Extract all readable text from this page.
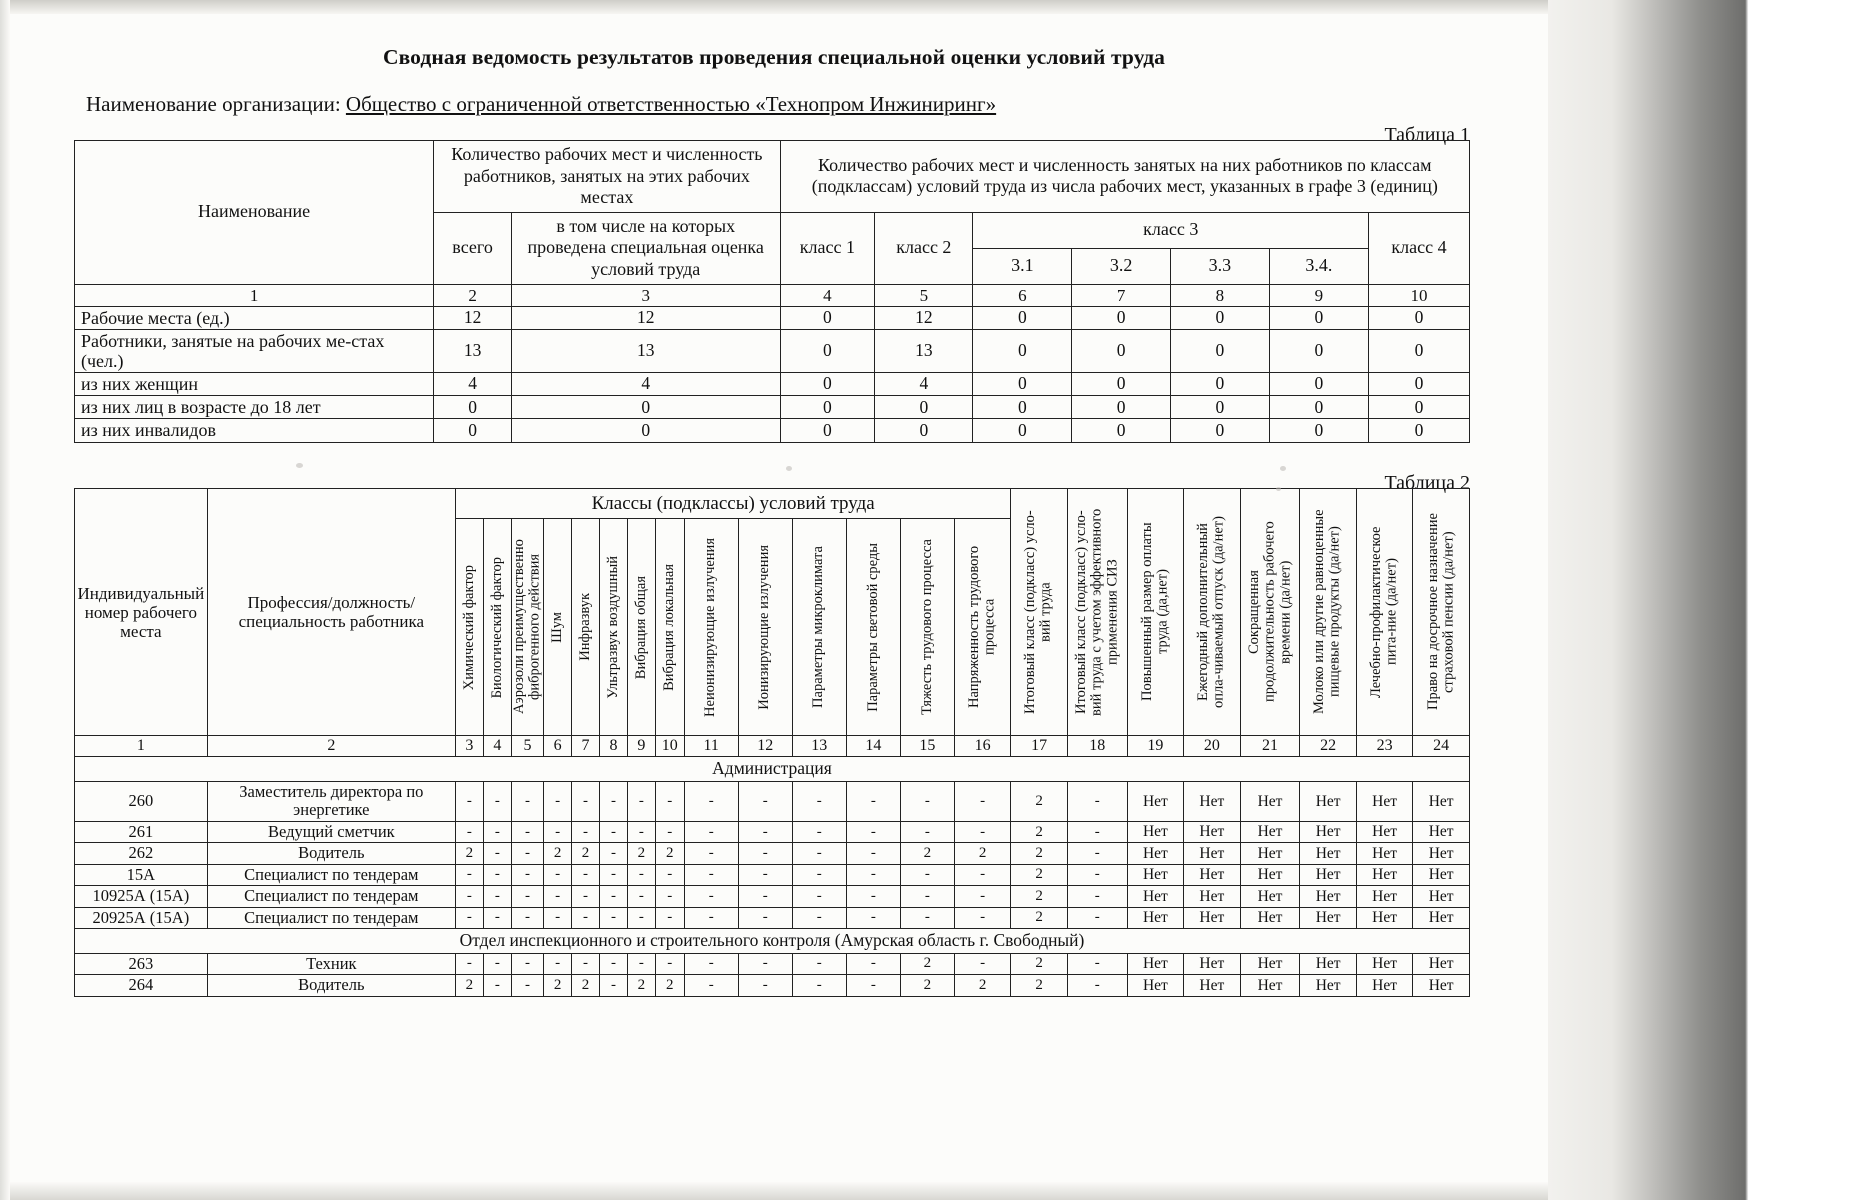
Сводная ведомость результатов проведения специальной оценки условий труда
Наименование организации: Общество с ограниченной ответственностью «Технопром Инжиниринг»
Таблица 1
Наименование	Количество рабочих мест и численность работников, занятых на этих рабочих местах		Количество рабочих мест и численность занятых на них работников по классам (подклассам) условий труда из числа рабочих мест, указанных в графе 3 (единиц)						
	всего	в том числе на которых проведена специальная оценка условий труда	класс 1	класс 2	класс 3				класс 4
					3.1	3.2	3.3	3.4.	
1	2	3	4	5	6	7	8	9	10
Рабочие места (ед.)	12	12	0	12	0	0	0	0	0
Работники, занятые на рабочих ме-стах (чел.)	13	13	0	13	0	0	0	0	0
из них женщин	4	4	0	4	0	0	0	0	0
из них лиц в возрасте до 18 лет	0	0	0	0	0	0	0	0	0
из них инвалидов	0	0	0	0	0	0	0	0	0
Таблица 2
Индивидуальный номер рабочего места	Профессия/должность/специальность работника	Классы (подклассы) условий труда														Итоговый класс (подкласс) усло-вий труда	Итоговый класс (подкласс) усло-вий труда с учетом эффективного применения СИЗ	Повышенный размер оплаты труда (да,нет)	Ежегодный дополнительный опла-чиваемый отпуск (да/нет)	Сокращенная продолжительность рабочего времени (да/нет)	Молоко или другие равноценные пищевые продукты (да/нет)	Лечебно-профилактическое пита-ние (да/нет)	Право на досрочное назначение страховой пенсии (да/нет)

		Химический фактор	Биологический фактор	Аэрозоли преимущественно фиброгенного действия	Шум	Инфразвук	Ультразвук воздушный	Вибрация общая	Вибрация локальная	Неионизирующие излучения	Ионизирующие излучения	Параметры микроклимата	Параметры световой среды	Тяжесть трудового процесса	Напряженность трудового процесса								

1	2	3	4	5	6	7	8	9	10	11	12	13	14	15	16	17	18	19	20	21	22	23	24
Администрация																							
260	Заместитель директора по энергетике	-	-	-	-	-	-	-	-	-	-	-	-	-	-	2	-	Нет	Нет	Нет	Нет	Нет	Нет
261	Ведущий сметчик	-	-	-	-	-	-	-	-	-	-	-	-	-	-	2	-	Нет	Нет	Нет	Нет	Нет	Нет
262	Водитель	2	-	-	2	2	-	2	2	-	-	-	-	2	2	2	-	Нет	Нет	Нет	Нет	Нет	Нет
15А	Специалист по тендерам	-	-	-	-	-	-	-	-	-	-	-	-	-	-	2	-	Нет	Нет	Нет	Нет	Нет	Нет
10925А (15А)	Специалист по тендерам	-	-	-	-	-	-	-	-	-	-	-	-	-	-	2	-	Нет	Нет	Нет	Нет	Нет	Нет
20925А (15А)	Специалист по тендерам	-	-	-	-	-	-	-	-	-	-	-	-	-	-	2	-	Нет	Нет	Нет	Нет	Нет	Нет
Отдел инспекционного и строительного контроля (Амурская область г. Свободный)																							
263	Техник	-	-	-	-	-	-	-	-	-	-	-	-	2	-	2	-	Нет	Нет	Нет	Нет	Нет	Нет
264	Водитель	2	-	-	2	2	-	2	2	-	-	-	-	2	2	2	-	Нет	Нет	Нет	Нет	Нет	Нет
